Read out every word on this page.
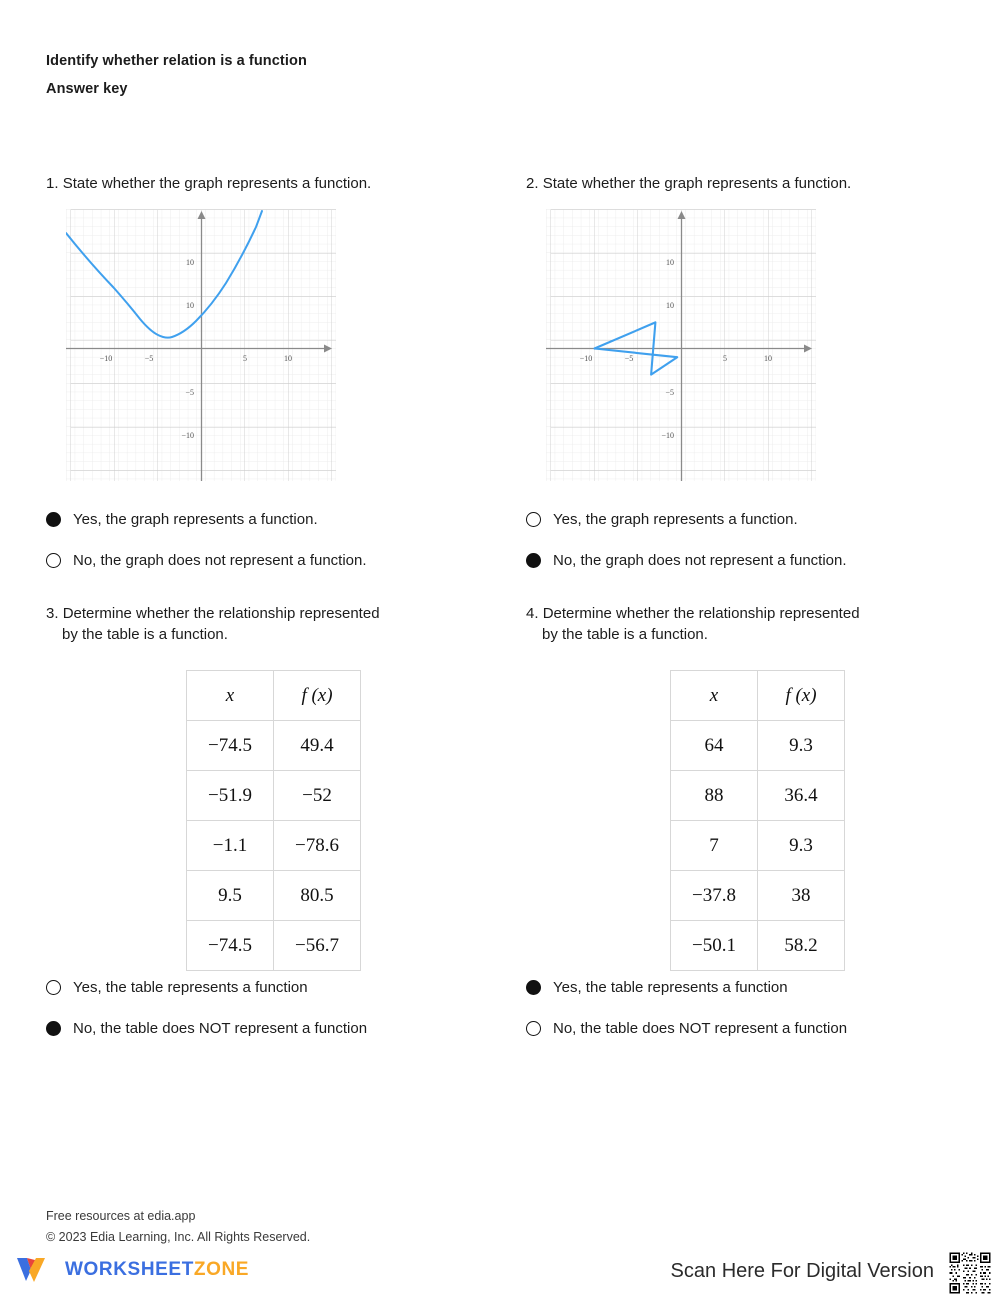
Identify whether relation is a function
Answer key
1. State whether the graph represents a function.
−10	−5	5	10
10
10
−5
−10
Yes, the graph represents a function.
No, the graph does not represent a function.
2. State whether the graph represents a function.
−10	−5	5	10
10
10
−5
−10
Yes, the graph represents a function.
No, the graph does not represent a function.
3. Determine whether the relationship represented
by the table is a function.
x	f (x)
−74.5	49.4
−51.9	−52
−1.1	−78.6
9.5	80.5
−74.5	−56.7
Yes, the table represents a function
No, the table does NOT represent a function
4. Determine whether the relationship represented
by the table is a function.
x	f (x)
64	9.3
88	36.4
7	9.3
−37.8	38
−50.1	58.2
Yes, the table represents a function
No, the table does NOT represent a function
Free resources at edia.app
© 2023 Edia Learning, Inc. All Rights Reserved.
WORKSHEETZONE	Scan Here For Digital Version
